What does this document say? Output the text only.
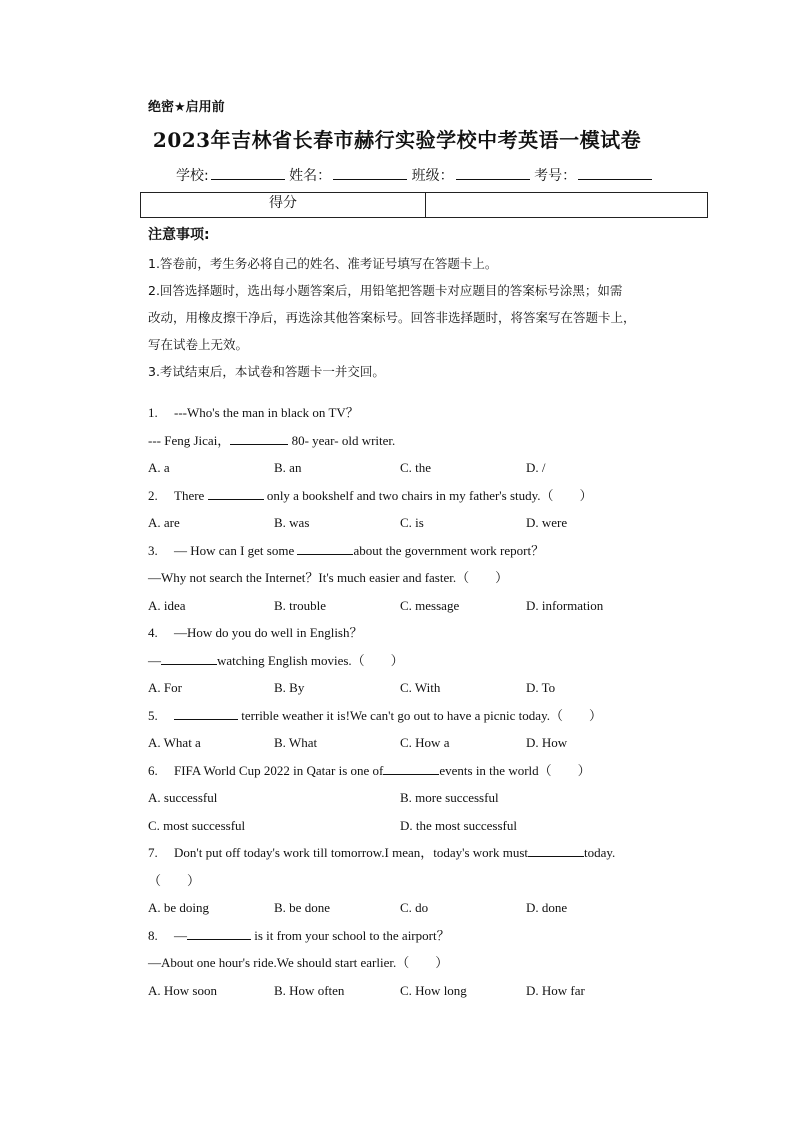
绝密★启用前
2023年吉林省长春市赫行实验学校中考英语一模试卷
学校:	姓名：	班级：	考号：
得分
注意事项:

1.答卷前，考生务必将自己的姓名、准考证号填写在答题卡上。

2.回答选择题时，选出每小题答案后，用铅笔把答题卡对应题目的答案标号涂黑；如需

改动，用橡皮擦干净后，再选涂其他答案标号。回答非选择题时，将答案写在答题卡上，

写在试卷上无效。

3.考试结束后，本试卷和答题卡一并交回。

1. ---Who's the man in black on TV？
--- Feng Jicai，	80- year- old writer.
A. a	B. an	C. the	D. /
2. There	only a bookshelf and two chairs in my father's study.（　　）
A. are	B. was	C. is	D. were
3. — How can I get some	about the government work report？
—Why not search the Internet？It's much easier and faster.（　　）
A. idea	B. trouble	C. message	D. information
4. —How do you do well in English？
—	watching English movies.（　　）
A. For	B. By	C. With	D. To
5.	terrible weather it is!We can't go out to have a picnic today.（　　）
A. What a	B. What	C. How a	D. How
6. FIFA World Cup 2022 in Qatar is one of	events in the world（　　）
A. successful	B. more successful
C. most successful	D. the most successful
7. Don't put off today's work till tomorrow.I mean，today's work must	today.
（　　）
A. be doing	B. be done	C. do	D. done
8. —	is it from your school to the airport？
—About one hour's ride.We should start earlier.（　　）
A. How soon	B. How often	C. How long	D. How far
